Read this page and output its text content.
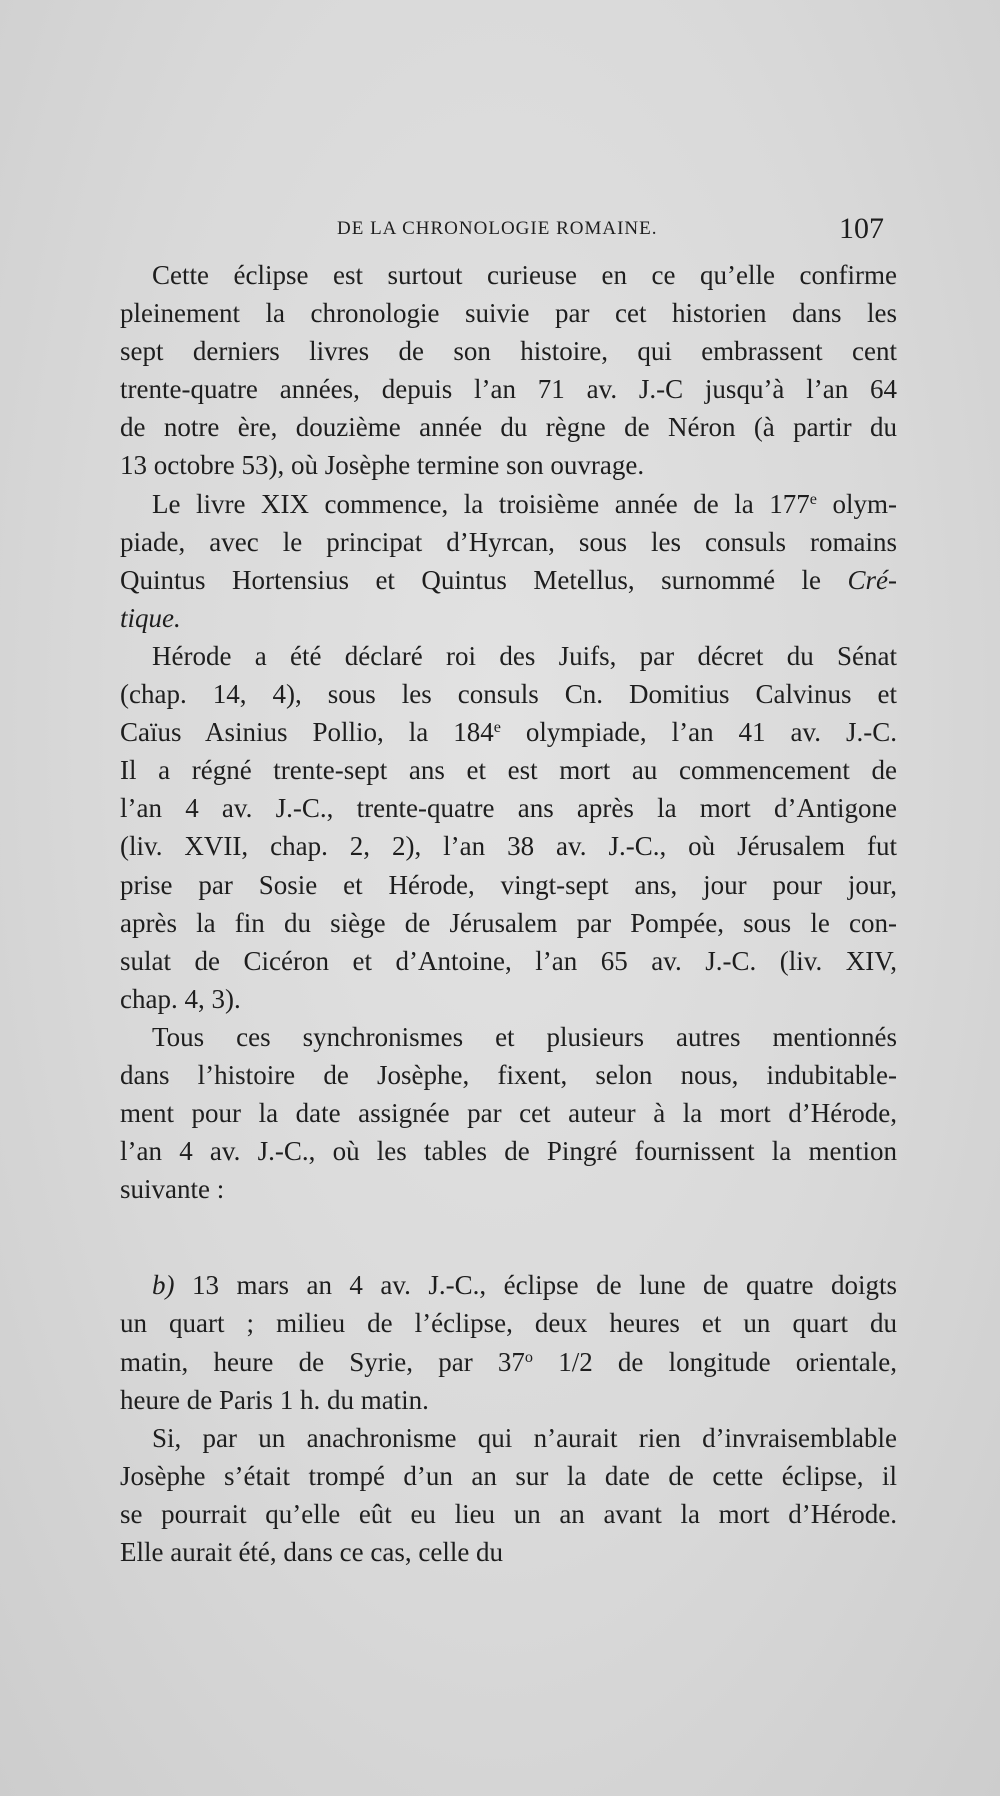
DE LA CHRONOLOGIE ROMAINE.	107
Cette éclipse est surtout curieuse en ce qu’elle confirme
pleinement la chronologie suivie par cet historien dans les
sept derniers livres de son histoire, qui embrassent cent
trente-quatre années, depuis l’an 71 av. J.-C jusqu’à l’an 64
de notre ère, douzième année du règne de Néron (à partir du
13 octobre 53), où Josèphe termine son ouvrage.
Le livre XIX commence, la troisième année de la 177e olym-
piade, avec le principat d’Hyrcan, sous les consuls romains
Quintus Hortensius et Quintus Metellus, surnommé le Cré-
tique.
Hérode a été déclaré roi des Juifs, par décret du Sénat
(chap. 14, 4), sous les consuls Cn. Domitius Calvinus et
Caïus Asinius Pollio, la 184e olympiade, l’an 41 av. J.-C.
Il a régné trente-sept ans et est mort au commencement de
l’an 4 av. J.-C., trente-quatre ans après la mort d’Antigone
(liv. XVII, chap. 2, 2), l’an 38 av. J.-C., où Jérusalem fut
prise par Sosie et Hérode, vingt-sept ans, jour pour jour,
après la fin du siège de Jérusalem par Pompée, sous le con-
sulat de Cicéron et d’Antoine, l’an 65 av. J.-C. (liv. XIV,
chap. 4, 3).
Tous ces synchronismes et plusieurs autres mentionnés
dans l’histoire de Josèphe, fixent, selon nous, indubitable-
ment pour la date assignée par cet auteur à la mort d’Hérode,
l’an 4 av. J.-C., où les tables de Pingré fournissent la mention
suivante :
b) 13 mars an 4 av. J.-C., éclipse de lune de quatre doigts
un quart ; milieu de l’éclipse, deux heures et un quart du
matin, heure de Syrie, par 37$^o$ 1/2 de longitude orientale,
heure de Paris 1 h. du matin.
Si, par un anachronisme qui n’aurait rien d’invraisemblable
Josèphe s’était trompé d’un an sur la date de cette éclipse, il
se pourrait qu’elle eût eu lieu un an avant la mort d’Hérode.
Elle aurait été, dans ce cas, celle du
